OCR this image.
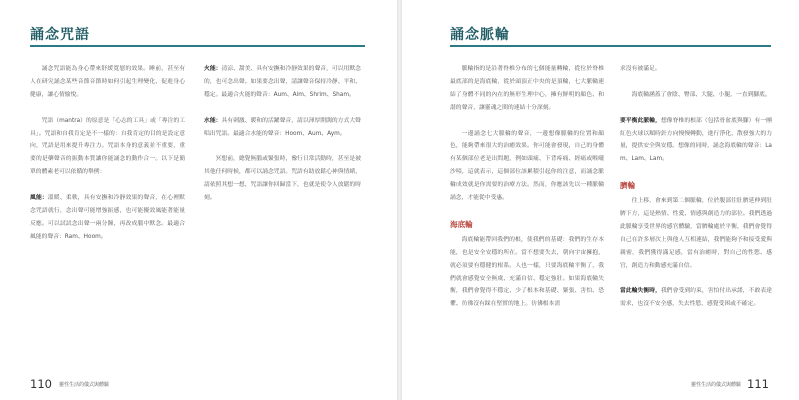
誦念咒語

誦念咒語能為身心帶來舒緩寬慰的效果。睡前，甚至有人在研究誦念某些音節音節時如何引起生理變化，促進身心健康，讓心情愉悅。

咒語（mantra）的原意是「心志的工具」或「專注的工具」。咒語和自我肯定是不一樣的：自我肯定的目的是設定意向，咒語是用來提升專注力。咒語本身的意義並不重要，重要的是藥聲音的振動本質讓你能誦念的動作合一。以下是簡單的體素老可以依循的舉例：

風能：溫暖、柔軟，具有安撫和冷靜效果的聲音，在心裡默念咒語就行，念出聲可能增強振感，也可能擾效風能著能量反應。可以試試念出聲一兩分鐘，再改成腦中默念。最適合風能的聲音：Ram、Hoom。

火能：清涼、甜美、具有安撫和冷靜效果的聲音，可以用默念的，也可念出聲。如果要念出聲，請讓聲音保持冷靜、平和、穩定。最適合火能的聲音：Aum、Aim、Shrim、Sham。

水能：具有刺激、暖和的活躍聲音，請以渾厚開闊的方式大聲唱出咒語。最適合水能的聲音：Hoom、Aum、Aym。

冥想前，總覺無腦或緊張時，豫行日常活動時，甚至是被其他任何時候，都可以誦念咒語。咒語有助放鬆心神與情緒，請依照其想一想，咒語讓你回歸當下，也就是使令人放鬆的時刻。

110 靈性生活的儀式與體驗
誦念脈輪

脈輪指的是沿著脊椎分布的七個能量轉輪，從位於脊椎最底部的是海底輪，從於頭頂正中央的是頂輪，七大脈輪連結了身體不同的內在的無形生理中心，擁有鮮明的顏色、和諧的聲音，讓靈魂之間的連結十分深刻。

一邊誦念七大脈輪的聲音，一邊想像脈輪的位置和顏色，能夠帶來很大的治癒效果。你可能會發現，自己的身體有某個部位老是出問題，例如頭痛、下背疼痛、經痛或喉嚨沙啞，這就表示，這個部位該累積引起你的注意，而誦念脈輪成效就是你需要的治療方法。然而，你應該先以一種脈輪誦念，才能從中受惠。

海底輪

海底輪能帶回我們的根，使我們的基礎：我們的生存本能，也是安全安穩的所在。當不想要失去，朝向宇宙擁抱，就必須要有穩健的根系。人也一樣，只要海底輪平衡了，我們就會感覺安全無虞、充滿自信、穩定強壯。如果海底輪失衡，我們會覺得不穩定、少了根本和基礎、緊張、害怕、恐懼、彷彿沒有踩在堅實的地上。彷彿根本需

求沒有被滿足。

海底輪涵蓋了會陰、臀部、大腿、小腿，一直到腳底。

要平衡此脈輪，想像脊椎的根部（包括骨盆底與腳）有一團紅色火球以順時針方向慢慢轉動，進行淨化，散發強大的力量，提供安全與安穩。想像的同時，誦念海底輪的聲音：Lam、Lam、Lam。

臍輪

往上移，會來到第二個脈輪，位於腹部往肚臍延伸到肚臍下方，這是熱情、性愛、情感與創造力的部位。我們透過此脈輪享受世界的感官體驗，當臍輪處於平衡，我們會覺得自己在許多層次上與他人互相連結，我們能夠予和接受愛與親密，我們獲得滿足感，當有治癒時，對自己的性慾、感官，創造力和動感充滿自信。

當此輪失衡時，我們會受到約束，害怕付出承諾，不敢表達需求，也沒不安全感，失去性慾，感覺受困或不確定。

靈性生活的儀式與體驗 111
